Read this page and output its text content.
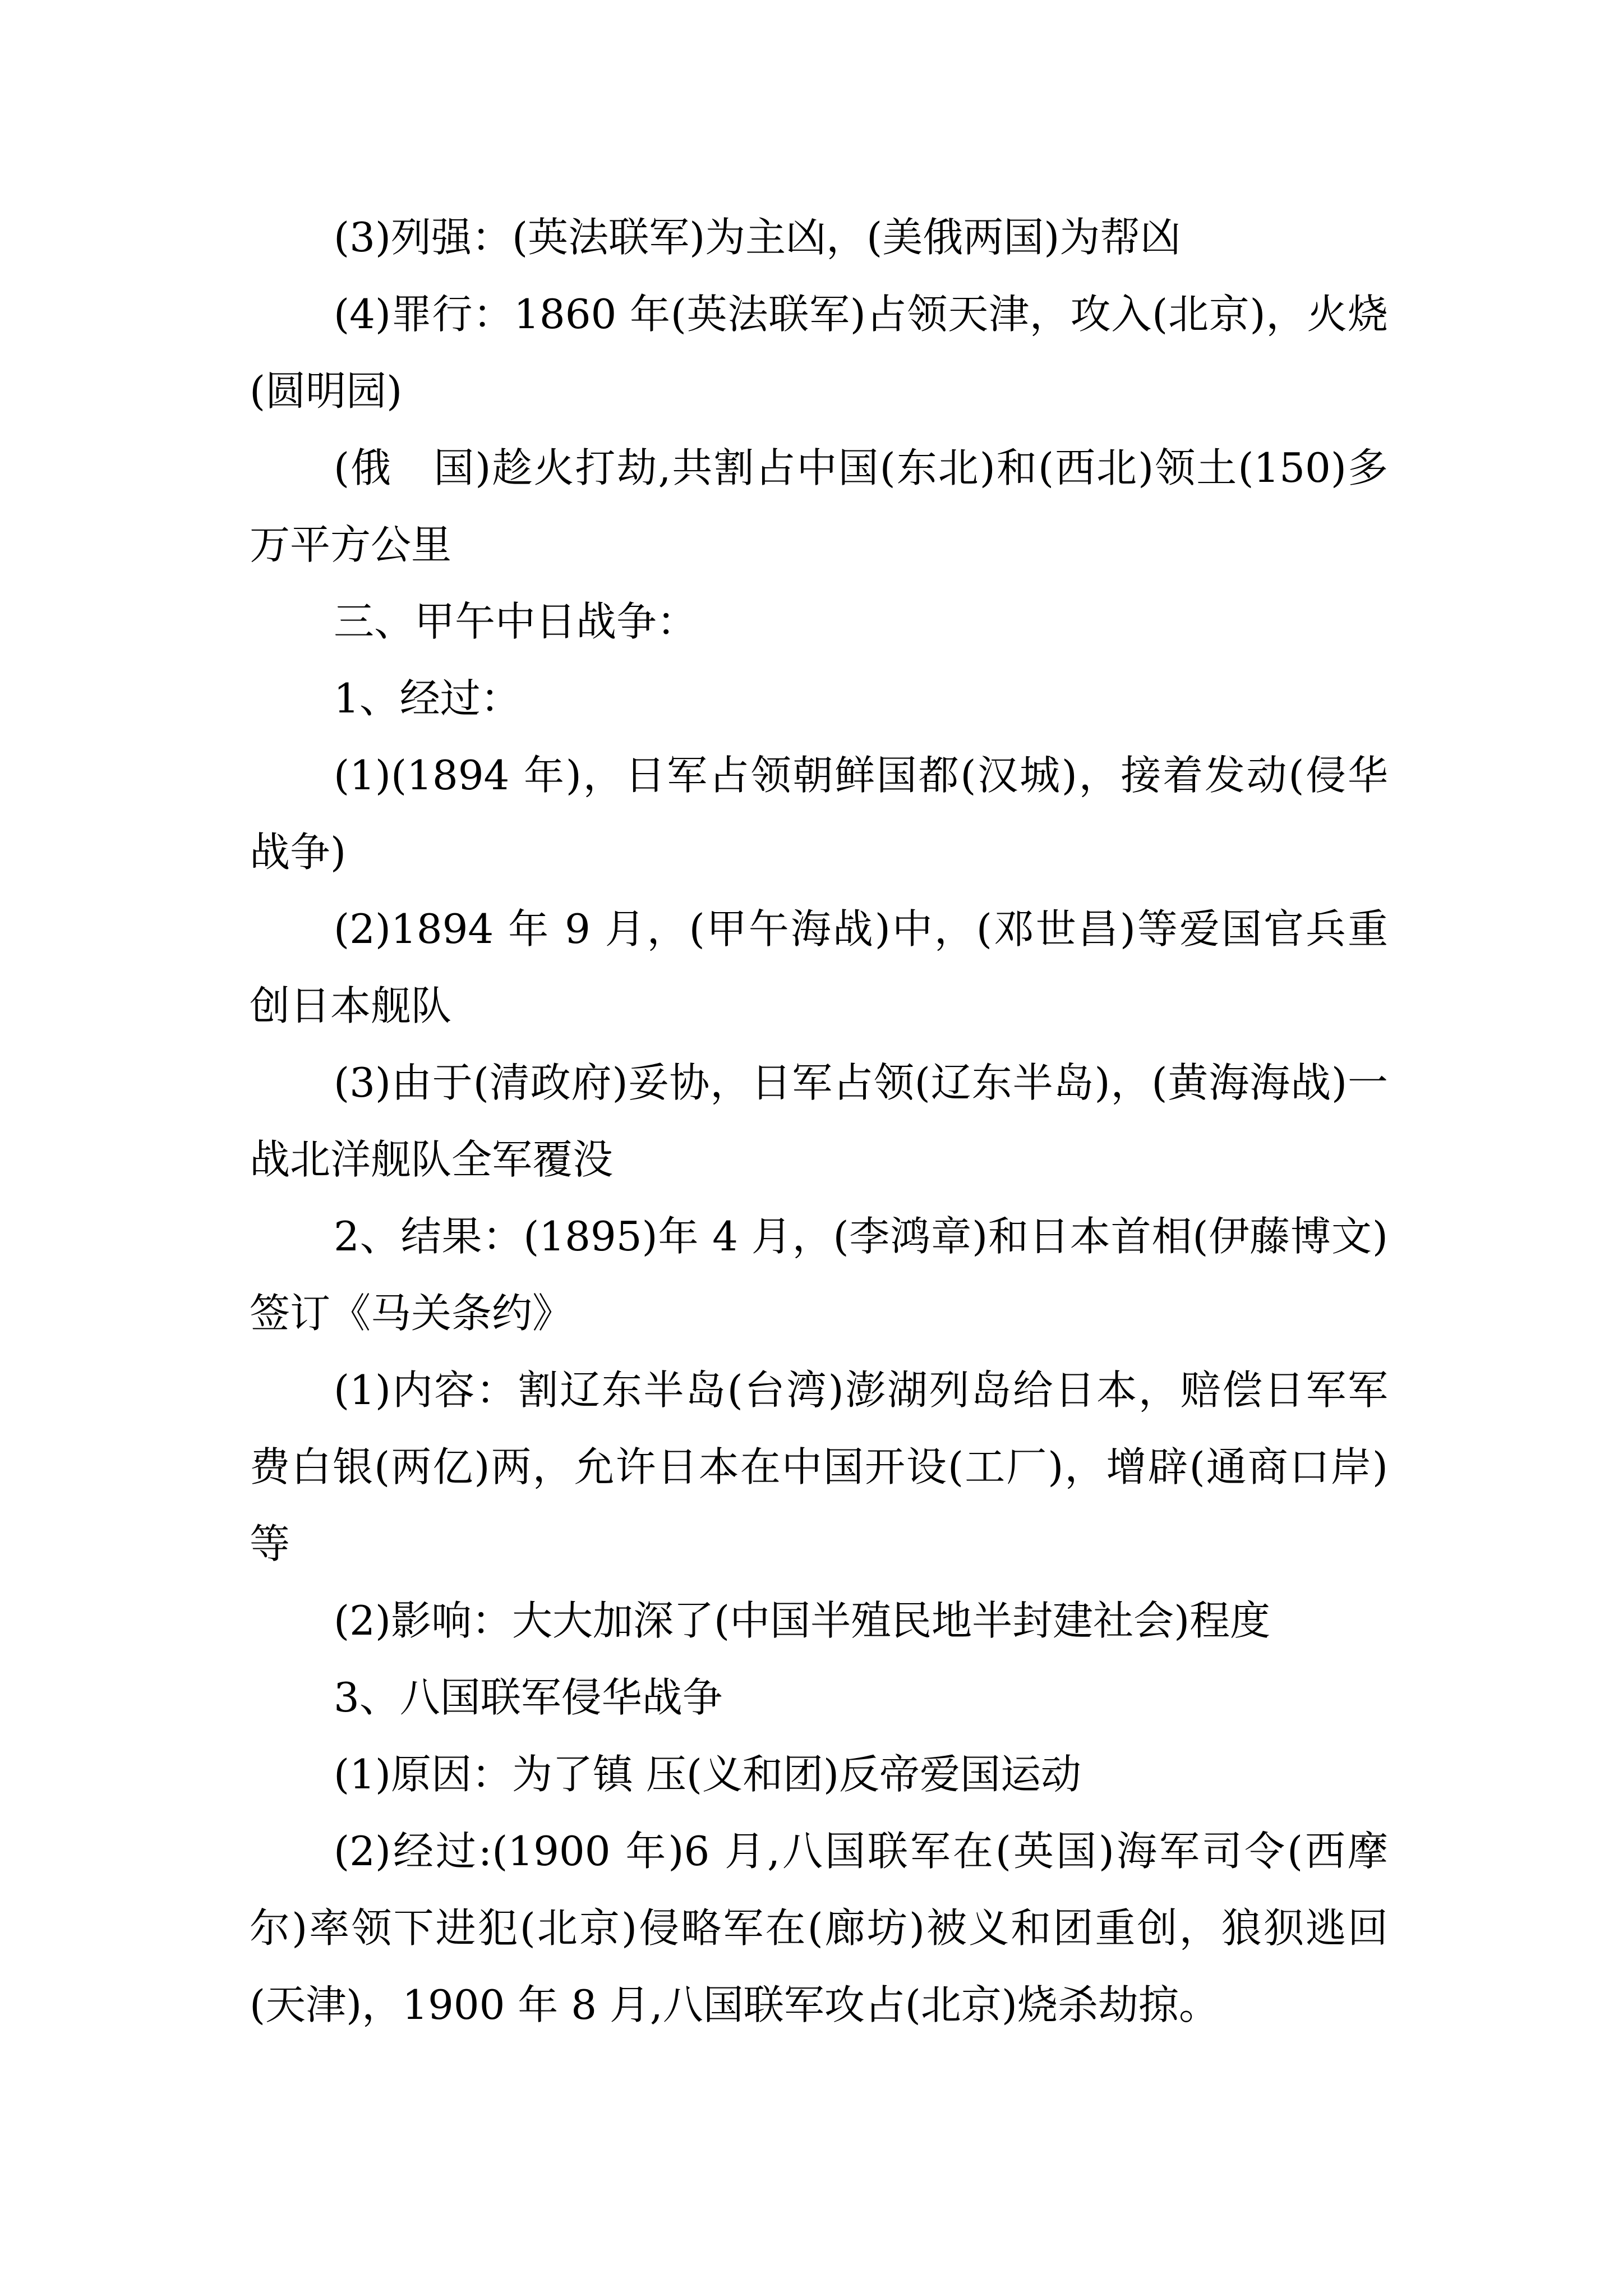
(3)列强：(英法联军)为主凶，(美俄两国)为帮凶

(4)罪行：1860 年(英法联军)占领天津，攻入(北京)，火烧(圆明园)

(俄　国)趁火打劫,共割占中国(东北)和(西北)领土(150)多万平方公里

三、甲午中日战争：

1、经过：

(1)(1894 年)，日军占领朝鲜国都(汉城)，接着发动(侵华战争)

(2)1894 年 9 月，(甲午海战)中，(邓世昌)等爱国官兵重创日本舰队

(3)由于(清政府)妥协，日军占领(辽东半岛)，(黄海海战)一战北洋舰队全军覆没

2、结果：(1895)年 4 月，(李鸿章)和日本首相(伊藤博文)签订《马关条约》

(1)内容：割辽东半岛(台湾)澎湖列岛给日本，赔偿日军军费白银(两亿)两，允许日本在中国开设(工厂)，增辟(通商口岸)等

(2)影响：大大加深了(中国半殖民地半封建社会)程度

3、八国联军侵华战争

(1)原因：为了镇 压(义和团)反帝爱国运动

(2)经过:(1900 年)6 月,八国联军在(英国)海军司令(西摩尔)率领下进犯(北京)侵略军在(廊坊)被义和团重创，狼狈逃回(天津)，1900 年 8 月,八国联军攻占(北京)烧杀劫掠。
